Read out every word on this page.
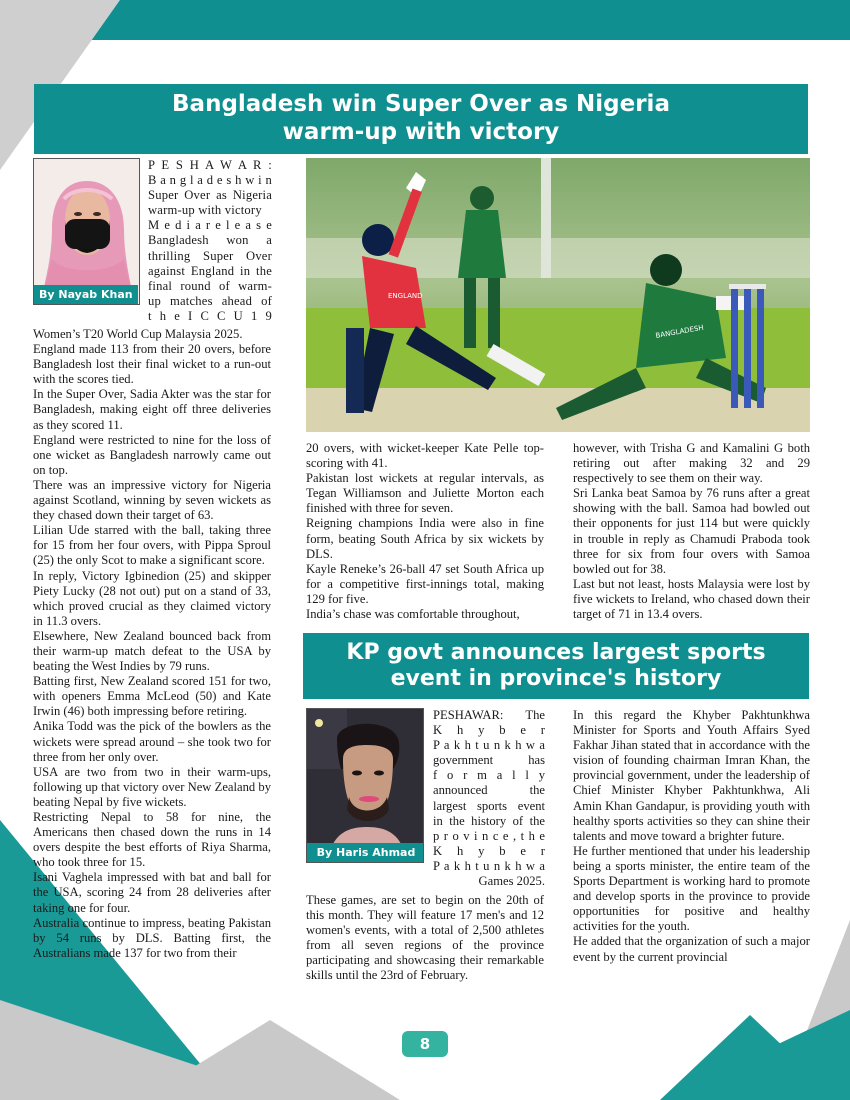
Bangladesh win Super Over as Nigeria
warm-up with victory
By Nayab Khan
P E S H A W A R :
B a n g l a d e s h w i n
Super Over as Nigeria
warm-up with victory
M e d i a r e l e a s e
Bangladesh won a
thrilling Super Over
against England in the
final round of warm-
up matches ahead of
t h e I C C U 1 9
ENGLAND
BANGLADESH

Women’s T20 World Cup Malaysia 2025.

England made 113 from their 20 overs, before Bangladesh lost their final wicket to a run-out with the scores tied.

In the Super Over, Sadia Akter was the star for Bangladesh, making eight off three deliveries as they scored 11.

England were restricted to nine for the loss of one wicket as Bangladesh narrowly came out on top.

There was an impressive victory for Nigeria against Scotland, winning by seven wickets as they chased down their target of 63.

Lilian Ude starred with the ball, taking three for 15 from her four overs, with Pippa Sproul (25) the only Scot to make a significant score.

In reply, Victory Igbinedion (25) and skipper Piety Lucky (28 not out) put on a stand of 33, which proved crucial as they claimed victory in 11.3 overs.

Elsewhere, New Zealand bounced back from their warm-up match defeat to the USA by beating the West Indies by 79 runs.

Batting first, New Zealand scored 151 for two, with openers Emma McLeod (50) and Kate Irwin (46) both impressing before retiring.

Anika Todd was the pick of the bowlers as the wickets were spread around – she took two for three from her only over.

USA are two from two in their warm-ups, following up that victory over New Zealand by beating Nepal by five wickets.

Restricting Nepal to 58 for nine, the Americans then chased down the runs in 14 overs despite the best efforts of Riya Sharma, who took three for 15.

Isani Vaghela impressed with bat and ball for the USA, scoring 24 from 28 deliveries after taking one for four.

Australia continue to impress, beating Pakistan by 54 runs by DLS. Batting first, the Australians made 137 for two from their

20 overs, with wicket-keeper Kate Pelle top-scoring with 41.

Pakistan lost wickets at regular intervals, as Tegan Williamson and Juliette Morton each finished with three for seven.

Reigning champions India were also in fine form, beating South Africa by six wickets by DLS.

Kayle Reneke’s 26-ball 47 set South Africa up for a competitive first-innings total, making 129 for five.

India’s chase was comfortable throughout,

however, with Trisha G and Kamalini G both retiring out after making 32 and 29 respectively to see them on their way.

Sri Lanka beat Samoa by 76 runs after a great showing with the ball. Samoa had bowled out their opponents for just 114 but were quickly in trouble in reply as Chamudi Praboda took three for six from four overs with Samoa bowled out for 38.

Last but not least, hosts Malaysia were lost by five wickets to Ireland, who chased down their target of 71 in 13.4 overs.

KP govt announces largest sports
event in province's history
By Haris Ahmad
PESHAWAR: The
K h y b e r
P a k h t u n k h w a
government has
f o r m a l l y
announced the
largest sports event
in the history of the
p r o v i n c e , t h e
K h y b e r
P a k h t u n k h w a
Games 2025.

These games, are set to begin on the 20th of this month. They will feature 17 men's and 12 women's events, with a total of 2,500 athletes from all seven regions of the province participating and showcasing their remarkable skills until the 23rd of February.

In this regard the Khyber Pakhtunkhwa Minister for Sports and Youth Affairs Syed Fakhar Jihan stated that in accordance with the vision of founding chairman Imran Khan, the provincial government, under the leadership of Chief Minister Khyber Pakhtunkhwa, Ali Amin Khan Gandapur, is providing youth with healthy sports activities so they can shine their talents and move toward a brighter future.

He further mentioned that under his leadership being a sports minister, the entire team of the Sports Department is working hard to promote and develop sports in the province to provide opportunities for positive and healthy activities for the youth.

He added that the organization of such a major event by the current provincial

8
